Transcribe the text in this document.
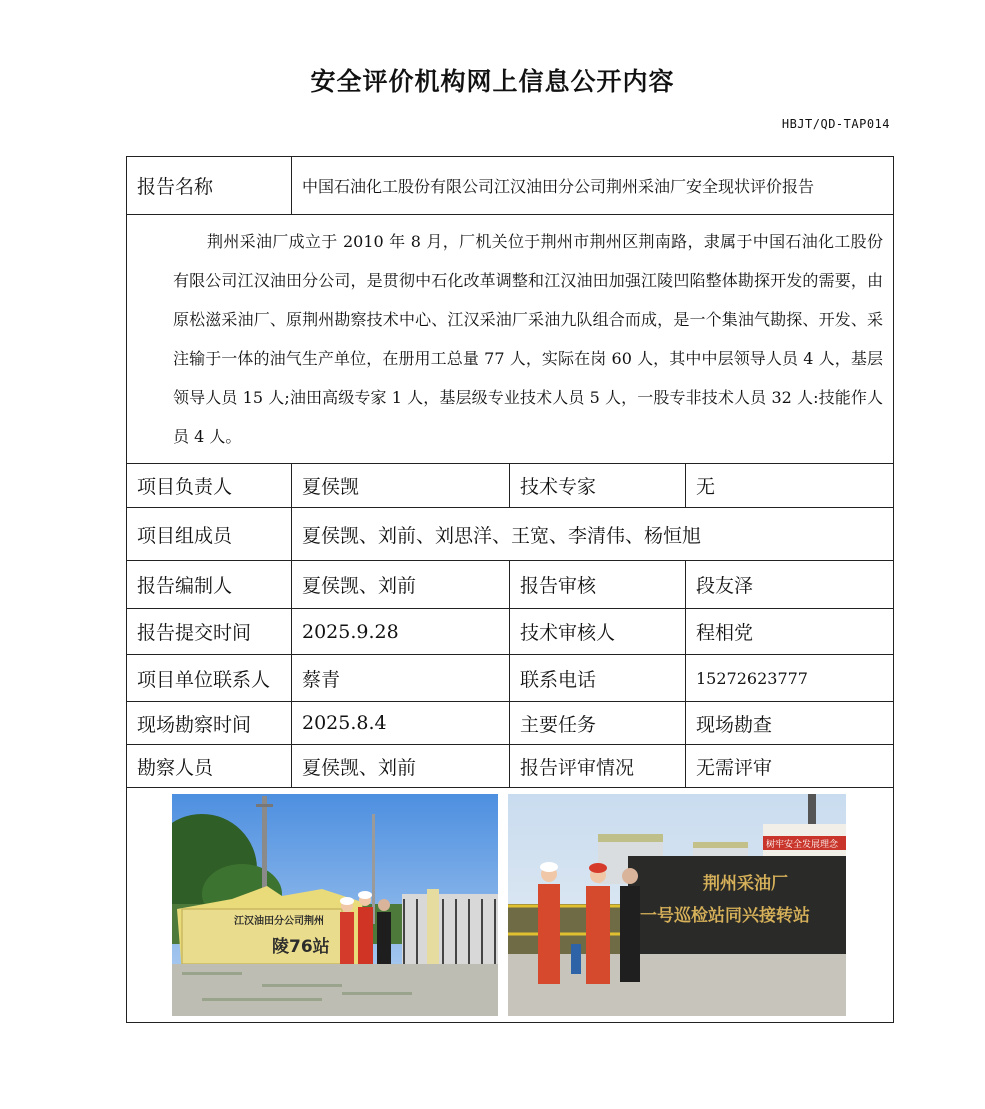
安全评价机构网上信息公开内容
HBJT/QD-TAP014
报告名称	中国石油化工股份有限公司江汉油田分公司荆州采油厂安全现状评价报告		
荆州采油厂成立于 2010 年 8 月，厂机关位于荆州市荆州区荆南路，隶属于中国石油化工股份有限公司江汉油田分公司，是贯彻中石化改革调整和江汉油田加强江陵凹陷整体勘探开发的需要，由原松滋采油厂、原荆州勘察技术中心、江汉采油厂采油九队组合而成，是一个集油气勘探、开发、采注输于一体的油气生产单位，在册用工总量 77 人，实际在岗 60 人，其中中层领导人员 4 人，基层领导人员 15 人;油田高级专家 1 人，基层级专业技术人员 5 人，一股专非技术人员 32 人:技能作人员 4 人。			
项目负责人	夏侯觊	技术专家	无
项目组成员	夏侯觊、刘前、刘思洋、王宽、李清伟、杨恒旭		
报告编制人	夏侯觊、刘前	报告审核	段友泽
报告提交时间	2025.9.28	技术审核人	程相党
项目单位联系人	蔡青	联系电话	15272623777
现场勘察时间	2025.8.4	主要任务	现场勘查
勘察人员	夏侯觊、刘前	报告评审情况	无需评审

江汉油田分公司荆州
陵76站
树牢安全发展理念
荆州采油厂
一号巡检站同兴接转站			
